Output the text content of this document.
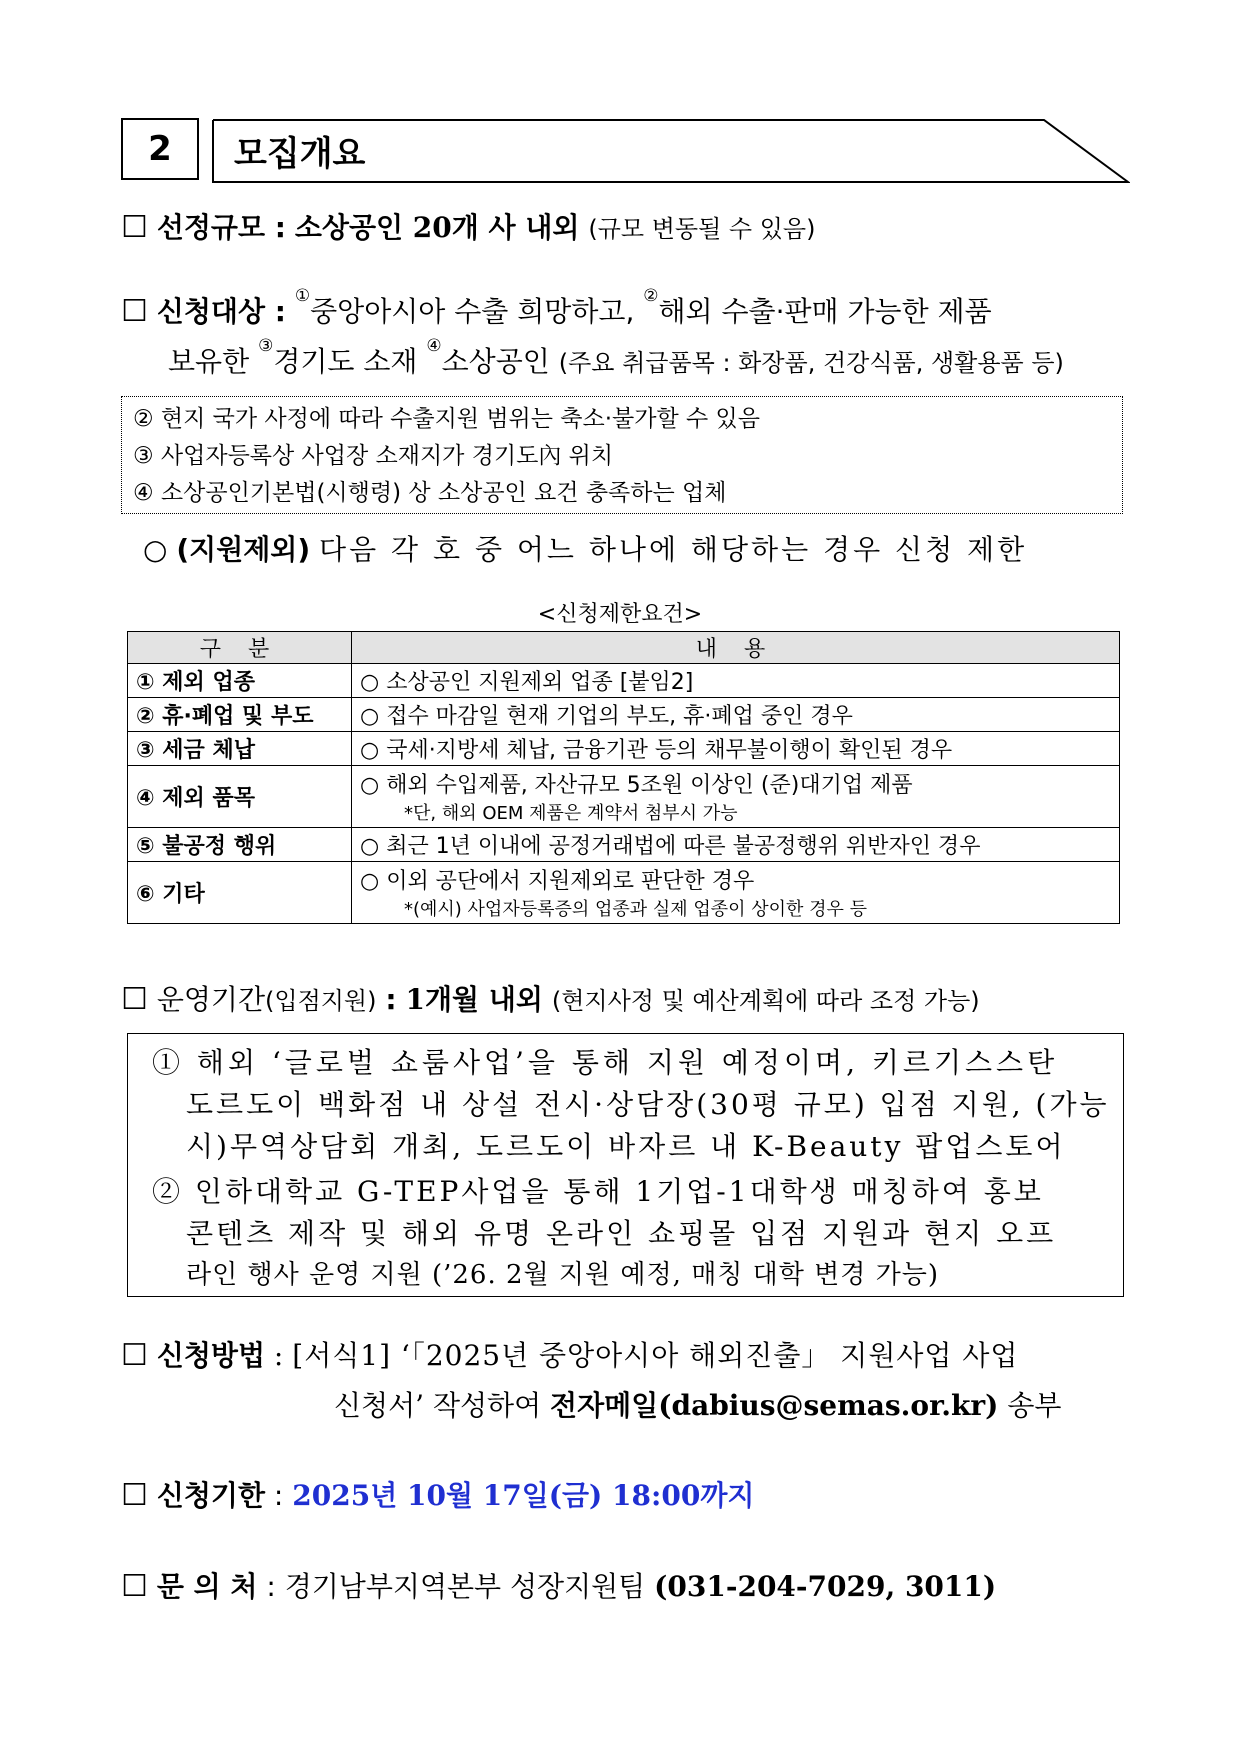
2	모집개요
☐ 선정규모 : 소상공인 20개 사 내외 (규모 변동될 수 있음)
☐ 신청대상 : ①중앙아시아 수출 희망하고, ②해외 수출·판매 가능한 제품
보유한 ③경기도 소재 ④소상공인 (주요 취급품목 : 화장품, 건강식품, 생활용품 등)
② 현지 국가 사정에 따라 수출지원 범위는 축소·불가할 수 있음
③ 사업자등록상 사업장 소재지가 경기도內 위치
④ 소상공인기본법(시행령) 상 소상공인 요건 충족하는 업체
○ (지원제외) 다음 각 호 중 어느 하나에 해당하는 경우 신청 제한
<신청제한요건>
구 분	내 용
① 제외 업종	○ 소상공인 지원제외 업종 [붙임2]
② 휴·폐업 및 부도	○ 접수 마감일 현재 기업의 부도, 휴·폐업 중인 경우
③ 세금 체납	○ 국세·지방세 체납, 금융기관 등의 채무불이행이 확인된 경우
④ 제외 품목	○ 해외 수입제품, 자산규모 5조원 이상인 (준)대기업 제품
*단, 해외 OEM 제품은 계약서 첨부시 가능

⑤ 불공정 행위	○ 최근 1년 이내에 공정거래법에 따른 불공정행위 위반자인 경우
⑥ 기타	○ 이외 공단에서 지원제외로 판단한 경우
*(예시) 사업자등록증의 업종과 실제 업종이 상이한 경우 등
☐ 운영기간(입점지원) : 1개월 내외 (현지사정 및 예산계획에 따라 조정 가능)
① 해외 ‘글로벌 쇼룸사업’을 통해 지원 예정이며, 키르기스스탄
도르도이 백화점 내 상설 전시·상담장(30평 규모) 입점 지원, (가능
시)무역상담회 개최, 도르도이 바자르 내 K-Beauty 팝업스토어
② 인하대학교 G-TEP사업을 통해 1기업-1대학생 매칭하여 홍보
콘텐츠 제작 및 해외 유명 온라인 쇼핑몰 입점 지원과 현지 오프
라인 행사 운영 지원 (’26. 2월 지원 예정, 매칭 대학 변경 가능)
☐ 신청방법 : [서식1] ‘「2025년 중앙아시아 해외진출」 지원사업 사업
신청서’ 작성하여 전자메일(dabius@semas.or.kr) 송부
☐ 신청기한 : 2025년 10월 17일(금) 18:00까지
☐ 문 의 처 : 경기남부지역본부 성장지원팀 (031-204-7029, 3011)
